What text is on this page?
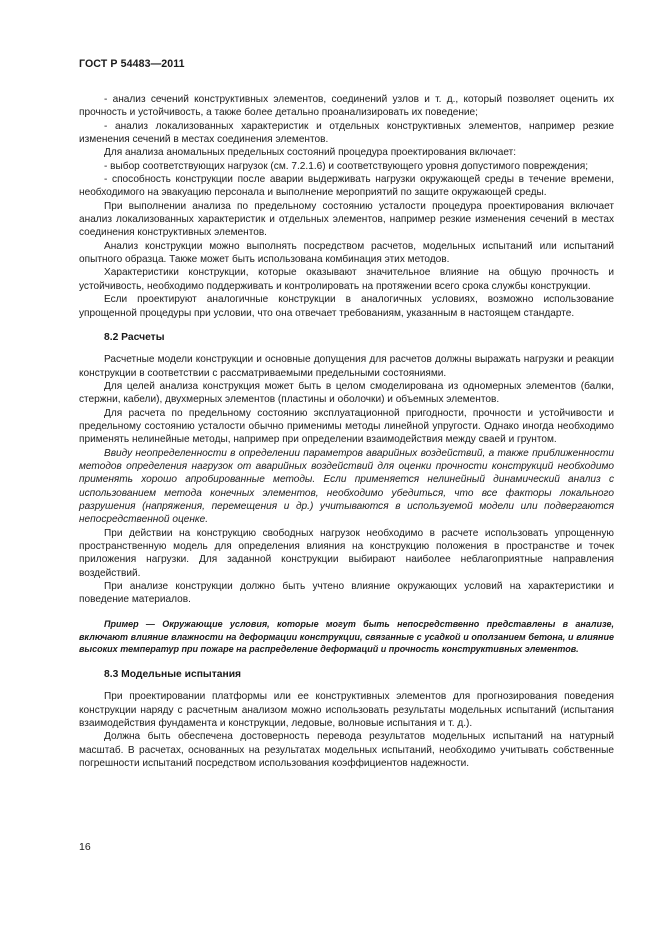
ГОСТ Р 54483—2011

- анализ сечений конструктивных элементов, соединений узлов и т. д., который позволяет оценить их прочность и устойчивость, а также более детально проанализировать их поведение;

- анализ локализованных характеристик и отдельных конструктивных элементов, например резкие изменения сечений в местах соединения элементов.

Для анализа аномальных предельных состояний процедура проектирования включает:

- выбор соответствующих нагрузок (см. 7.2.1.6) и соответствующего уровня допустимого повреждения;

- способность конструкции после аварии выдерживать нагрузки окружающей среды в течение времени, необходимого на эвакуацию персонала и выполнение мероприятий по защите окружающей среды.

При выполнении анализа по предельному состоянию усталости процедура проектирования включает анализ локализованных характеристик и отдельных элементов, например резкие изменения сечений в местах соединения конструктивных элементов.

Анализ конструкции можно выполнять посредством расчетов, модельных испытаний или испытаний опытного образца. Также может быть использована комбинация этих методов.

Характеристики конструкции, которые оказывают значительное влияние на общую прочность и устойчивость, необходимо поддерживать и контролировать на протяжении всего срока службы конструкции.

Если проектируют аналогичные конструкции в аналогичных условиях, возможно использование упрощенной процедуры при условии, что она отвечает требованиям, указанным в настоящем стандарте.

8.2 Расчеты

Расчетные модели конструкции и основные допущения для расчетов должны выражать нагрузки и реакции конструкции в соответствии с рассматриваемыми предельными состояниями.

Для целей анализа конструкция может быть в целом смоделирована из одномерных элементов (балки, стержни, кабели), двухмерных элементов (пластины и оболочки) и объемных элементов.

Для расчета по предельному состоянию эксплуатационной пригодности, прочности и устойчивости и предельному состоянию усталости обычно применимы методы линейной упругости. Однако иногда необходимо применять нелинейные методы, например при определении взаимодействия между сваей и грунтом.

Ввиду неопределенности в определении параметров аварийных воздействий, а также приближенности методов определения нагрузок от аварийных воздействий для оценки прочности конструкций необходимо применять хорошо апробированные методы. Если применяется нелинейный динамический анализ с использованием метода конечных элементов, необходимо убедиться, что все факторы локального разрушения (напряжения, перемещения и др.) учитываются в используемой модели или подвергаются непосредственной оценке.

При действии на конструкцию свободных нагрузок необходимо в расчете использовать упрощенную пространственную модель для определения влияния на конструкцию положения в пространстве и точек приложения нагрузки. Для заданной конструкции выбирают наиболее неблагоприятные направления воздействий.

При анализе конструкции должно быть учтено влияние окружающих условий на характеристики и поведение материалов.

Пример — Окружающие условия, которые могут быть непосредственно представлены в анализе, включают влияние влажности на деформации конструкции, связанные с усадкой и оползанием бетона, и влияние высоких температур при пожаре на распределение деформаций и прочность конструктивных элементов.

8.3 Модельные испытания

При проектировании платформы или ее конструктивных элементов для прогнозирования поведения конструкции наряду с расчетным анализом можно использовать результаты модельных испытаний (испытания взаимодействия фундамента и конструкции, ледовые, волновые испытания и т. д.).

Должна быть обеспечена достоверность перевода результатов модельных испытаний на натурный масштаб. В расчетах, основанных на результатах модельных испытаний, необходимо учитывать собственные погрешности испытаний посредством использования коэффициентов надежности.

16
